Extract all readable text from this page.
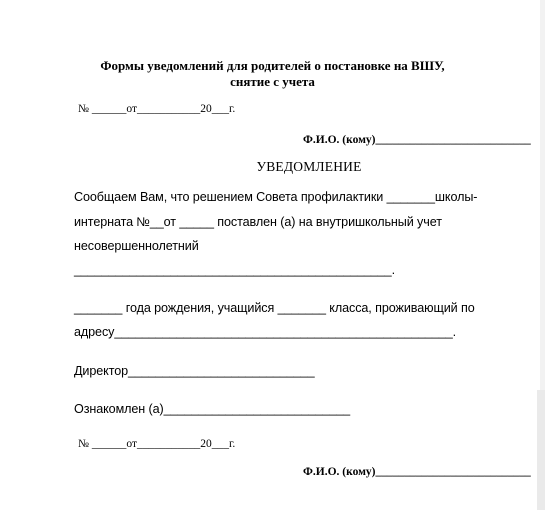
Формы уведомлений для родителей о постановке на ВШУ,
снятие с учета
№ ______от___________20___г.
Ф.И.О. (кому)___________________________
УВЕДОМЛЕНИЕ
Сообщаем Вам, что решением Совета профилактики _______школы-
интерната №__от _____ поставлен (а) на внутришкольный учет
несовершеннолетний
______________________________________________.
_______ года рождения, учащийся _______ класса, проживающий по
адресу_________________________________________________.
Директор___________________________
Ознакомлен (а)___________________________
№ ______от___________20___г.
Ф.И.О. (кому)___________________________
